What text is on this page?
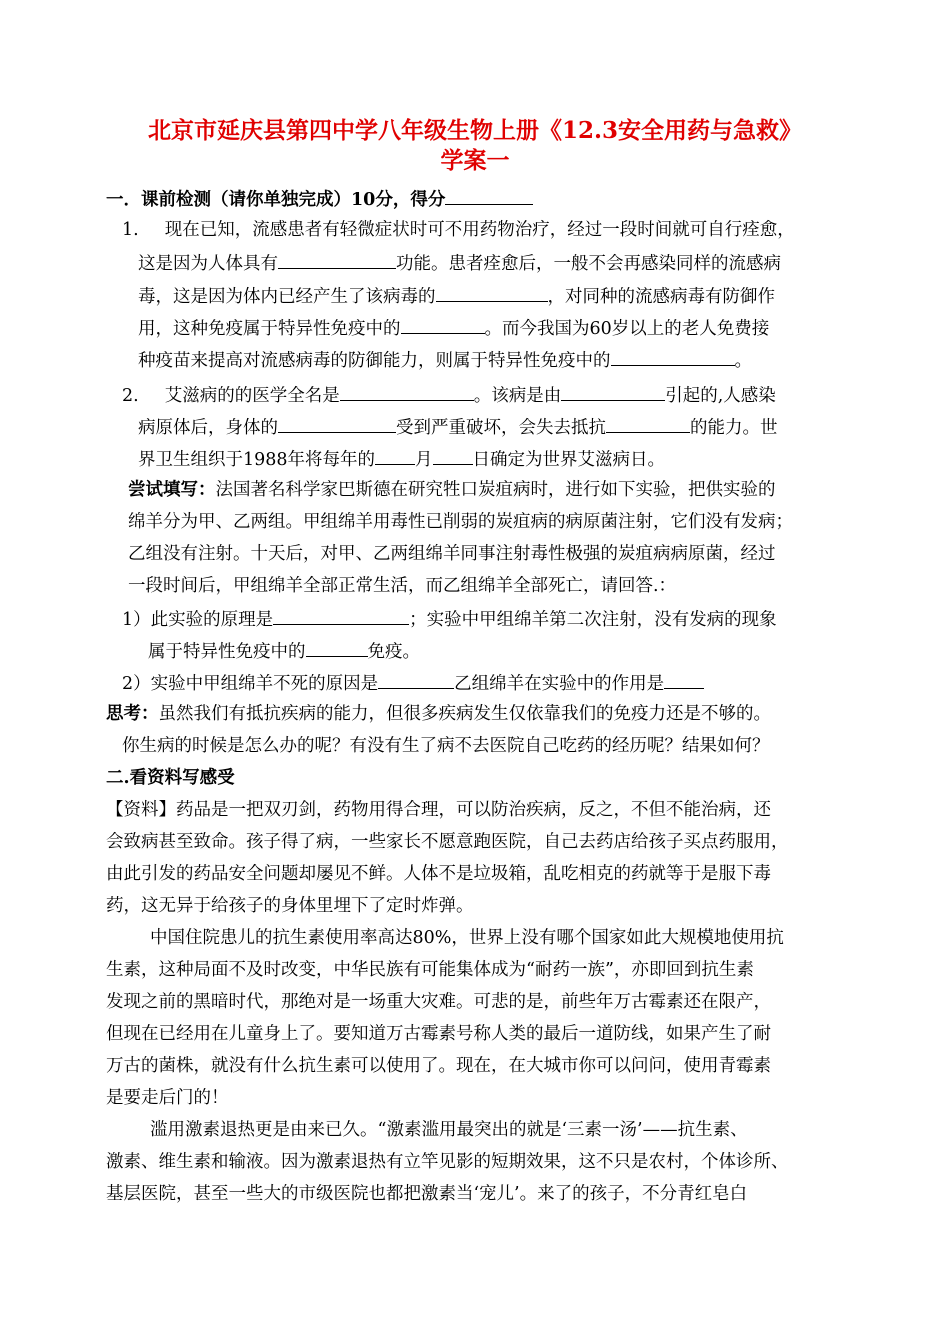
北京市延庆县第四中学八年级生物上册《12.3安全用药与急救》

学案一

一．课前检测（请你单独完成）10分，得分

1. 现在已知，流感患者有轻微症状时可不用药物治疗，经过一段时间就可自行痊愈，

这是因为人体具有	功能。患者痊愈后，一般不会再感染同样的流感病

毒，这是因为体内已经产生了该病毒的	，对同种的流感病毒有防御作

用，这种免疫属于特异性免疫中的	。而今我国为60岁以上的老人免费接

种疫苗来提高对流感病毒的防御能力，则属于特异性免疫中的	。

2. 艾滋病的的医学全名是	。该病是由	引起的,人感染

病原体后，身体的	受到严重破坏，会失去抵抗	的能力。世

界卫生组织于1988年将每年的 月 日确定为世界艾滋病日。

尝试填写：法国著名科学家巴斯德在研究牲口炭疽病时，进行如下实验，把供实验的

绵羊分为甲、乙两组。甲组绵羊用毒性已削弱的炭疽病的病原菌注射，它们没有发病；

乙组没有注射。十天后，对甲、乙两组绵羊同事注射毒性极强的炭疽病病原菌，经过

一段时间后，甲组绵羊全部正常生活，而乙组绵羊全部死亡，请回答.：

1）此实验的原理是	；实验中甲组绵羊第二次注射，没有发病的现象

属于特异性免疫中的	免疫。

2）实验中甲组绵羊不死的原因是	乙组绵羊在实验中的作用是

思考：虽然我们有抵抗疾病的能力，但很多疾病发生仅依靠我们的免疫力还是不够的。

你生病的时候是怎么办的呢？有没有生了病不去医院自己吃药的经历呢？结果如何？

二.看资料写感受

【资料】药品是一把双刃剑，药物用得合理，可以防治疾病，反之，不但不能治病，还

会致病甚至致命。孩子得了病，一些家长不愿意跑医院，自己去药店给孩子买点药服用，

由此引发的药品安全问题却屡见不鲜。人体不是垃圾箱，乱吃相克的药就等于是服下毒

药，这无异于给孩子的身体里埋下了定时炸弹。

中国住院患儿的抗生素使用率高达80%，世界上没有哪个国家如此大规模地使用抗

生素，这种局面不及时改变，中华民族有可能集体成为“耐药一族”，亦即回到抗生素

发现之前的黑暗时代，那绝对是一场重大灾难。可悲的是，前些年万古霉素还在限产，

但现在已经用在儿童身上了。要知道万古霉素号称人类的最后一道防线，如果产生了耐

万古的菌株，就没有什么抗生素可以使用了。现在，在大城市你可以问问，使用青霉素

是要走后门的！

滥用激素退热更是由来已久。“激素滥用最突出的就是‘三素一汤’——抗生素、

激素、维生素和输液。因为激素退热有立竿见影的短期效果，这不只是农村，个体诊所、

基层医院，甚至一些大的市级医院也都把激素当‘宠儿’。来了的孩子，不分青红皂白
